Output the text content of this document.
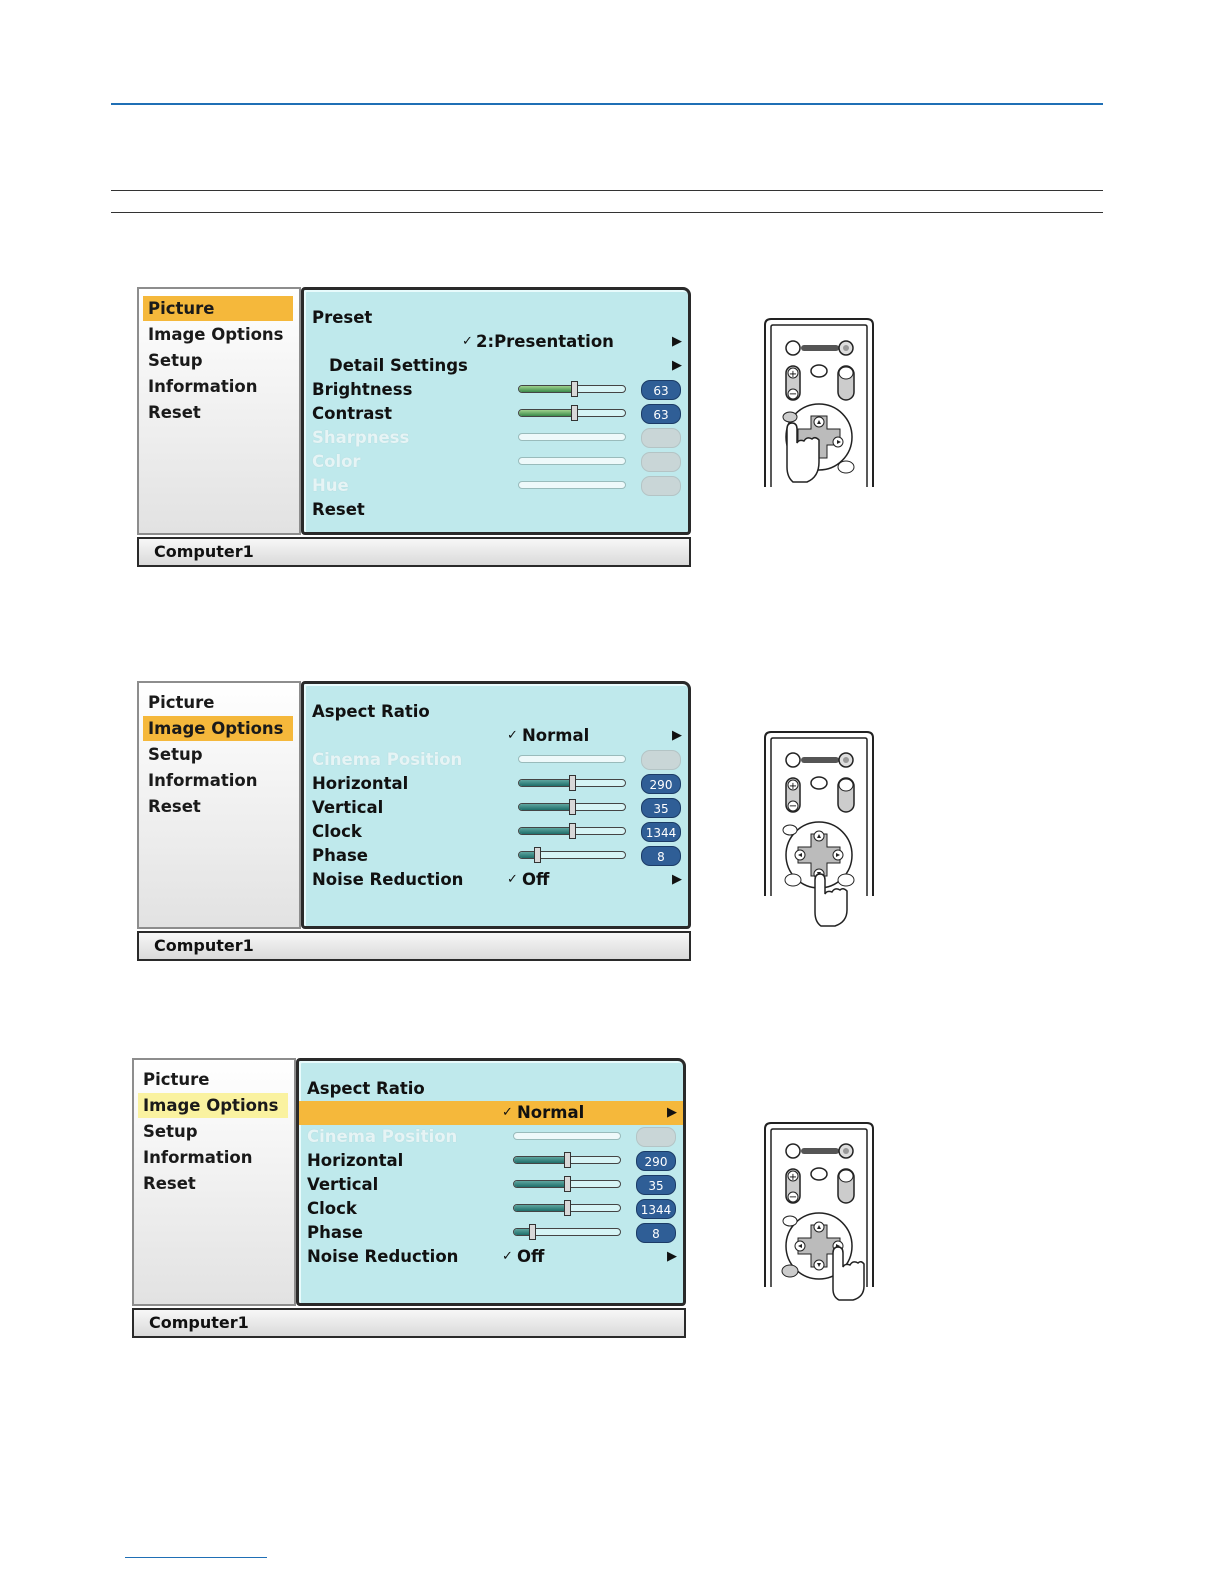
Picture
Image Options
Setup
Information
Reset
Preset
✓ 2:Presentation	▶
Detail Settings	▶
Brightness	63
Contrast	63
Sharpness
Color
Hue
Reset
Computer1
Picture
Image Options
Setup
Information
Reset
Aspect Ratio
✓ Normal	▶
Cinema Position
Horizontal	290
Vertical	35
Clock	1344
Phase	8
Noise Reduction	✓ Off	▶
Computer1
Picture
Image Options
Setup
Information
Reset
Aspect Ratio
✓ Normal	▶
Cinema Position
Horizontal	290
Vertical	35
Clock	1344
Phase	8
Noise Reduction	✓ Off	▶
Computer1
+
−
+
−
+
−
